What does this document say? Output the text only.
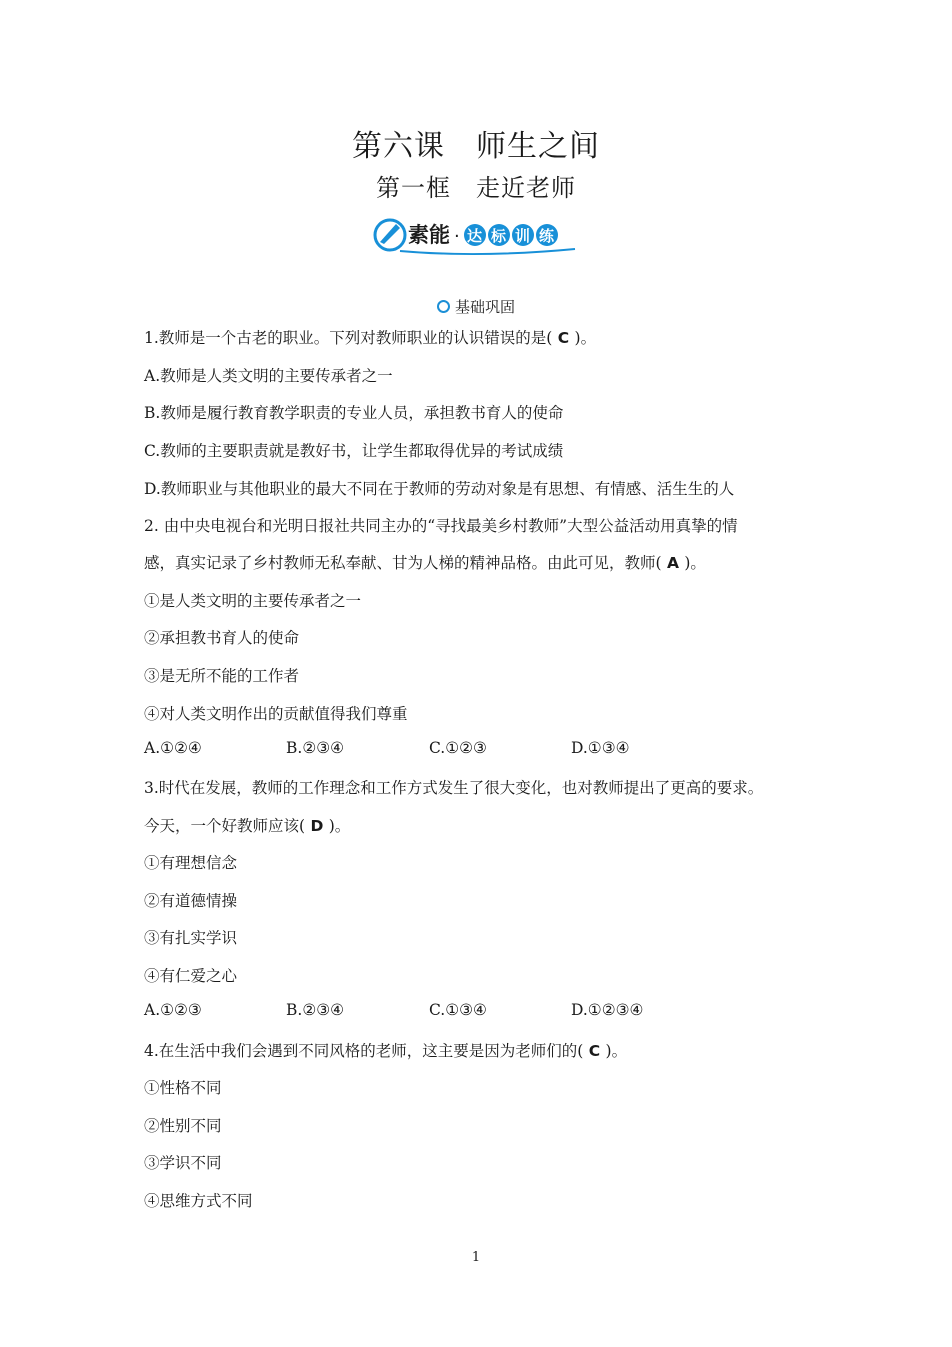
第六课　师生之间
第一框　走近老师
素能 · 达 标 训 练
基础巩固
1.教师是一个古老的职业。下列对教师职业的认识错误的是( C )。
A.教师是人类文明的主要传承者之一
B.教师是履行教育教学职责的专业人员，承担教书育人的使命
C.教师的主要职责就是教好书，让学生都取得优异的考试成绩
D.教师职业与其他职业的最大不同在于教师的劳动对象是有思想、有情感、活生生的人
2. 由中央电视台和光明日报社共同主办的“寻找最美乡村教师”大型公益活动用真挚的情
感，真实记录了乡村教师无私奉献、甘为人梯的精神品格。由此可见，教师( A )。
①是人类文明的主要传承者之一
②承担教书育人的使命
③是无所不能的工作者
④对人类文明作出的贡献值得我们尊重
A.①②④	B.②③④	C.①②③	D.①③④
3.时代在发展，教师的工作理念和工作方式发生了很大变化，也对教师提出了更高的要求。
今天，一个好教师应该( D )。
①有理想信念
②有道德情操
③有扎实学识
④有仁爱之心
A.①②③	B.②③④	C.①③④	D.①②③④
4.在生活中我们会遇到不同风格的老师，这主要是因为老师们的( C )。
①性格不同
②性别不同
③学识不同
④思维方式不同
1
